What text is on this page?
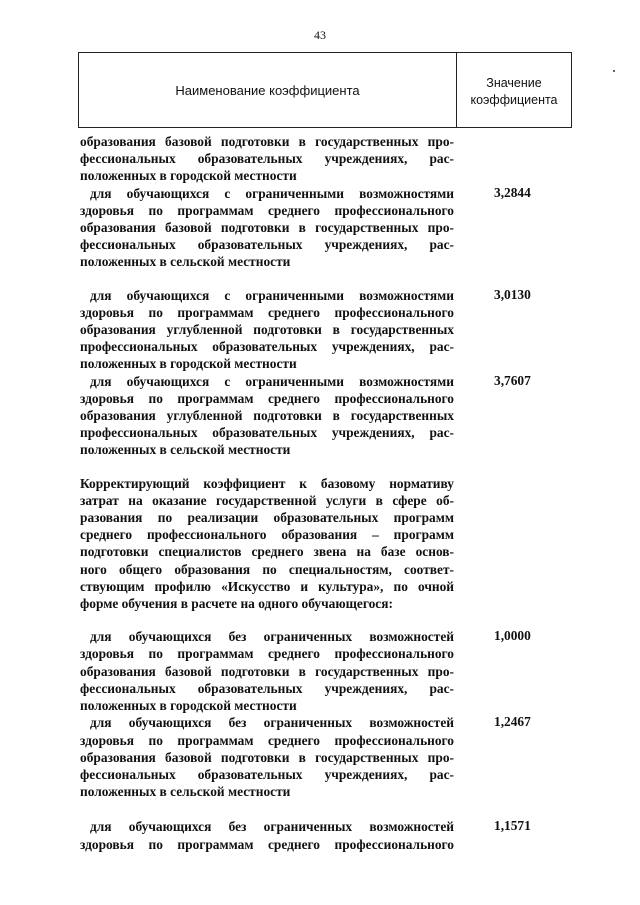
43
Наименование коэффициента	Значение
коэффициента
образования базовой подготовки в государственных про-
фессиональных образовательных учреждениях, рас-
положенных в городской местности
для обучающихся с ограниченными возможностями
здоровья по программам среднего профессионального
образования базовой подготовки в государственных про-
фессиональных образовательных учреждениях, рас-
положенных в сельской местности
3,2844
для обучающихся с ограниченными возможностями
здоровья по программам среднего профессионального
образования углубленной подготовки в государственных
профессиональных образовательных учреждениях, рас-
положенных в городской местности
3,0130
для обучающихся с ограниченными возможностями
здоровья по программам среднего профессионального
образования углубленной подготовки в государственных
профессиональных образовательных учреждениях, рас-
положенных в сельской местности
3,7607
Корректирующий коэффициент к базовому нормативу
затрат на оказание государственной услуги в сфере об-
разования по реализации образовательных программ
среднего профессионального образования – программ
подготовки специалистов среднего звена на базе основ-
ного общего образования по специальностям, соответ-
ствующим профилю «Искусство и культура», по очной
форме обучения в расчете на одного обучающегося:
для обучающихся без ограниченных возможностей
здоровья по программам среднего профессионального
образования базовой подготовки в государственных про-
фессиональных образовательных учреждениях, рас-
положенных в городской местности
1,0000
для обучающихся без ограниченных возможностей
здоровья по программам среднего профессионального
образования базовой подготовки в государственных про-
фессиональных образовательных учреждениях, рас-
положенных в сельской местности
1,2467
для обучающихся без ограниченных возможностей
здоровья по программам среднего профессионального
1,1571
